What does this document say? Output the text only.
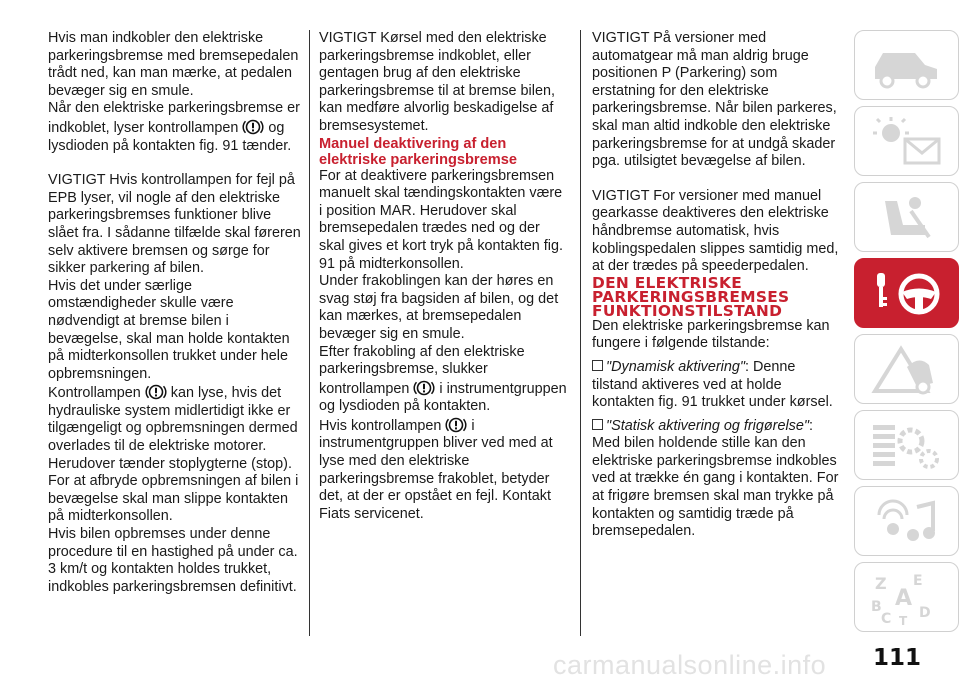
Hvis man indkobler den elektriske parkeringsbremse med bremsepedalen trådt ned, kan man mærke, at pedalen bevæger sig en smule.

Når den elektriske parkeringsbremse er indkoblet, lyser kontrollampen og lysdioden på kontakten fig. 91 tænder.

VIGTIGT Hvis kontrollampen for fejl på EPB lyser, vil nogle af den elektriske parkeringsbremses funktioner blive slået fra. I sådanne tilfælde skal føreren selv aktivere bremsen og sørge for sikker parkering af bilen.

Hvis det under særlige omstændigheder skulle være nødvendigt at bremse bilen i bevægelse, skal man holde kontakten på midterkonsollen trukket under hele opbremsningen.

Kontrollampen kan lyse, hvis det hydrauliske system midlertidigt ikke er tilgængeligt og opbremsningen dermed overlades til de elektriske motorer.

Herudover tænder stoplygterne (stop).

For at afbryde opbremsningen af bilen i bevægelse skal man slippe kontakten på midterkonsollen.

Hvis bilen opbremses under denne procedure til en hastighed på under ca. 3 km/t og kontakten holdes trukket, indkobles parkeringsbremsen definitivt.

VIGTIGT Kørsel med den elektriske parkeringsbremse indkoblet, eller gentagen brug af den elektriske parkeringsbremse til at bremse bilen, kan medføre alvorlig beskadigelse af bremsesystemet.

Manuel deaktivering af den elektriske parkeringsbremse

For at deaktivere parkeringsbremsen manuelt skal tændingskontakten være i position MAR. Herudover skal bremsepedalen trædes ned og der skal gives et kort tryk på kontakten fig. 91 på midterkonsollen.

Under frakoblingen kan der høres en svag støj fra bagsiden af bilen, og det kan mærkes, at bremsepedalen bevæger sig en smule.

Efter frakobling af den elektriske parkeringsbremse, slukker kontrollampen i instrumentgruppen og lysdioden på kontakten.

Hvis kontrollampen i instrumentgruppen bliver ved med at lyse med den elektriske parkeringsbremse frakoblet, betyder det, at der er opstået en fejl. Kontakt Fiats servicenet.

VIGTIGT På versioner med automatgear må man aldrig bruge positionen P (Parkering) som erstatning for den elektriske parkeringsbremse. Når bilen parkeres, skal man altid indkoble den elektriske parkeringsbremse for at undgå skader pga. utilsigtet bevægelse af bilen.

VIGTIGT For versioner med manuel gearkasse deaktiveres den elektriske håndbremse automatisk, hvis koblingspedalen slippes samtidig med, at der trædes på speederpedalen.

DEN ELEKTRISKE PARKERINGSBREMSES FUNKTIONSTILSTAND

Den elektriske parkeringsbremse kan fungere i følgende tilstande:

"Dynamisk aktivering": Denne tilstand aktiveres ved at holde kontakten fig. 91 trukket under kørsel.

"Statisk aktivering og frigørelse": Med bilen holdende stille kan den elektriske parkeringsbremse indkobles ved at trække én gang i kontakten. For at frigøre bremsen skal man trykke på kontakten og samtidig træde på bremsepedalen.

Z E
B A
C D
T
carmanualsonline.info 111
